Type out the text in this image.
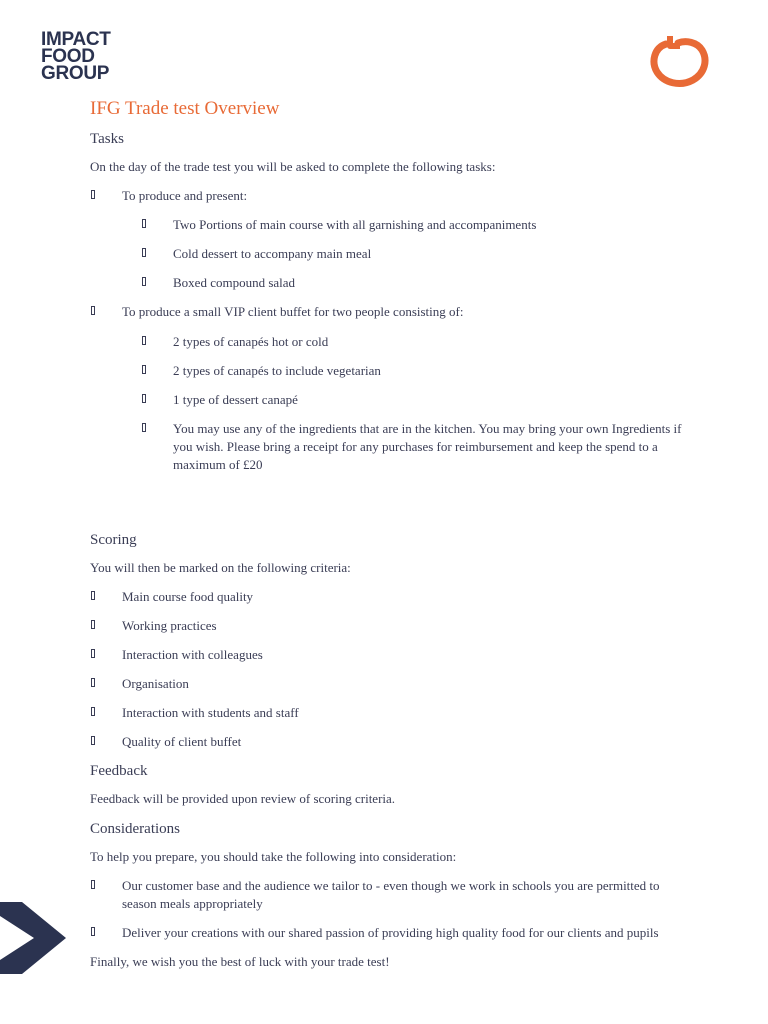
IMPACT
FOOD
GROUP
IFG Trade test Overview
Tasks
On the day of the trade test you will be asked to complete the following tasks:
To produce and present:
Two Portions of main course with all garnishing and accompaniments
Cold dessert to accompany main meal
Boxed compound salad
To produce a small VIP client buffet for two people consisting of:
2 types of canapés hot or cold
2 types of canapés to include vegetarian
1 type of dessert canapé
You may use any of the ingredients that are in the kitchen. You may bring your own Ingredients if you wish. Please bring a receipt for any purchases for reimbursement and keep the spend to a maximum of £20
Scoring
You will then be marked on the following criteria:
Main course food quality
Working practices
Interaction with colleagues
Organisation
Interaction with students and staff
Quality of client buffet
Feedback
Feedback will be provided upon review of scoring criteria.
Considerations
To help you prepare, you should take the following into consideration:
Our customer base and the audience we tailor to - even though we work in schools you are permitted to season meals appropriately
Deliver your creations with our shared passion of providing high quality food for our clients and pupils
Finally, we wish you the best of luck with your trade test!
